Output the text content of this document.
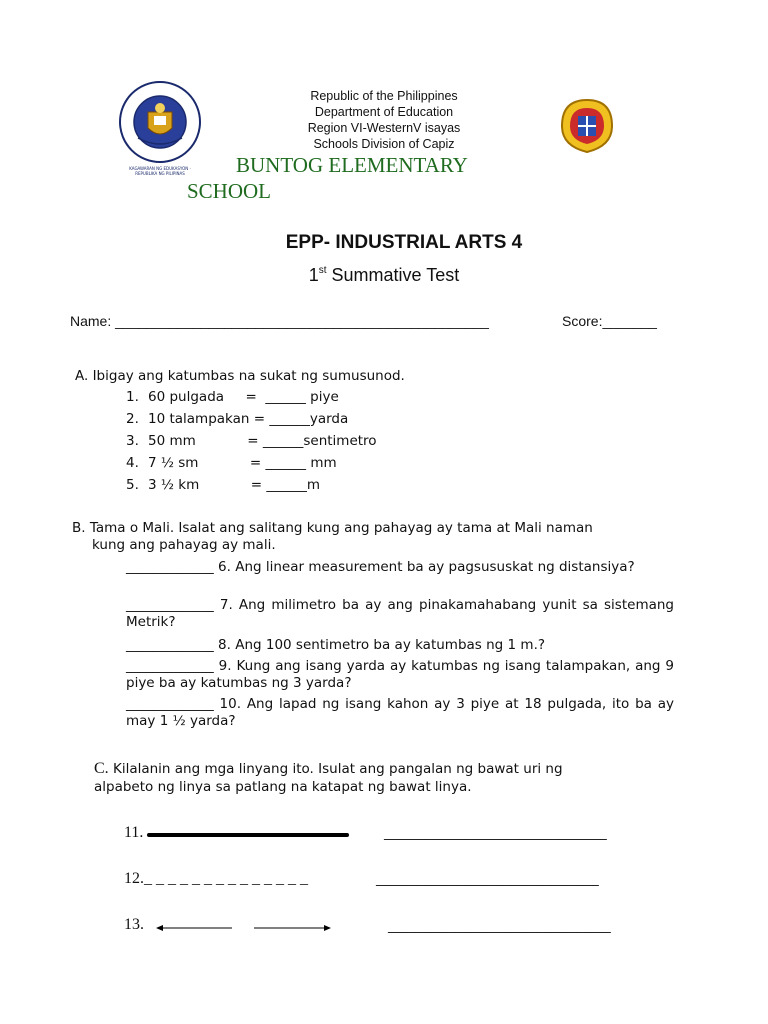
Republic of the Philippines
Department of Education
Region VI-WesternV isayas
Schools Division of Capiz
BUNTOG ELEMENTARY
SCHOOL
EPP- INDUSTRIAL ARTS 4
1st Summative Test
Name: ________________________________________________	Score:_______
A. Ibigay ang katumbas na sukat ng sumusunod.
1. 60 pulgada     =  ______ piye
2. 10 talampakan = ______yarda
3. 50 mm            = ______sentimetro
4. 7 ½ sm            = ______ mm
5. 3 ½ km            = ______m
B. Tama o Mali. Isalat ang salitang kung ang pahayag ay tama at Mali naman
kung ang pahayag ay mali.
_____________ 6. Ang linear measurement ba ay pagsususkat ng distansiya?
_____________ 7. Ang milimetro ba ay ang pinakamahabang yunit sa sistemang Metrik?
_____________ 8. Ang 100 sentimetro ba ay katumbas ng 1 m.?
_____________ 9. Kung ang isang yarda ay katumbas ng isang talampakan, ang 9 piye ba ay katumbas ng 3 yarda?
_____________ 10. Ang lapad ng isang kahon ay 3 piye at 18 pulgada, ito ba ay may 1 ½ yarda?
C. Kilalanin ang mga linyang ito. Isulat ang pangalan ng bawat uri ng
alpabeto ng linya sa patlang na katapat ng bawat linya.
11.	_________________________________
12._ _ _ _ _ _ _ _ _ _ _ _ _ _	_________________________________
13.	_________________________________
KAGAWARAN NG EDUKASYON · REPUBLIKA NG PILIPINAS
